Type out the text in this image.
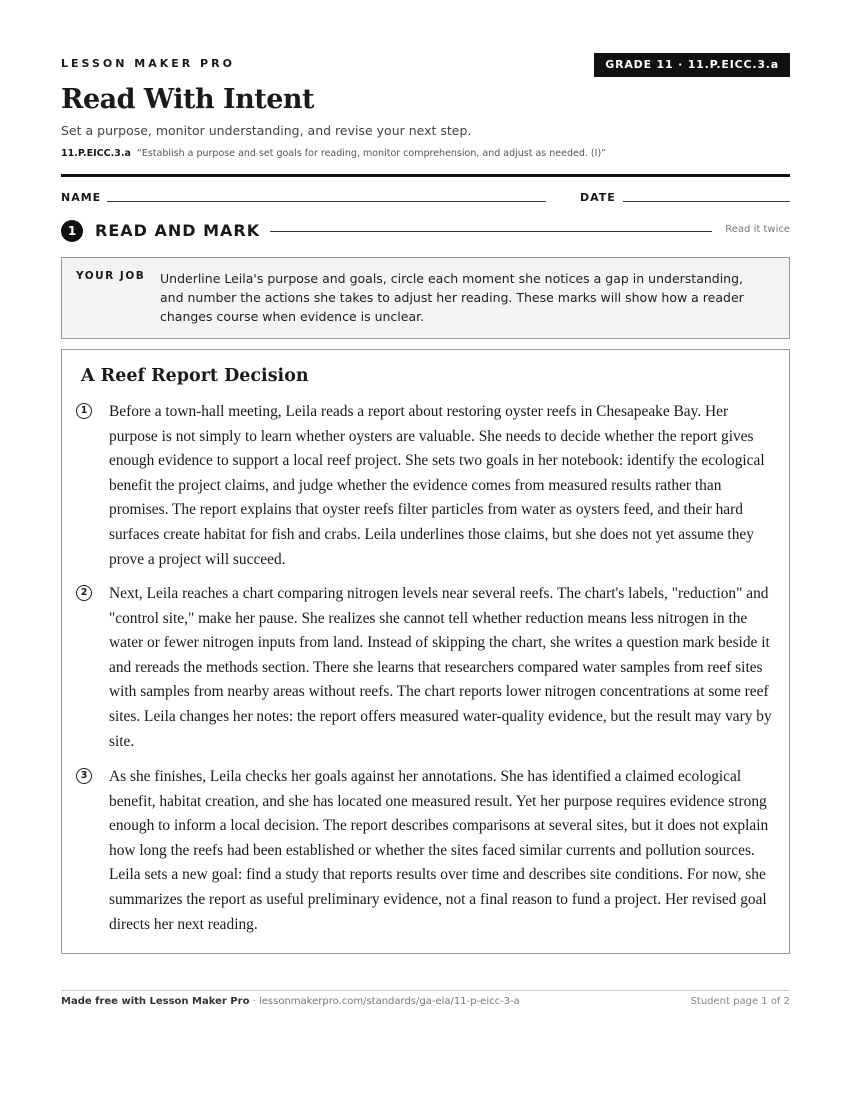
LESSON MAKER PRO	GRADE 11 · 11.P.EICC.3.a
Read With Intent
Set a purpose, monitor understanding, and revise your next step.
11.P.EICC.3.a “Establish a purpose and set goals for reading, monitor comprehension, and adjust as needed. (I)”
NAME	DATE
1	READ AND MARK	Read it twice
YOUR JOB Underline Leila's purpose and goals, circle each moment she notices a gap in understanding, and number the actions she takes to adjust her reading. These marks will show how a reader changes course when evidence is unclear.
A Reef Report Decision
1	Before a town-hall meeting, Leila reads a report about restoring oyster reefs in Chesapeake Bay. Her purpose is not simply to learn whether oysters are valuable. She needs to decide whether the report gives enough evidence to support a local reef project. She sets two goals in her notebook: identify the ecological benefit the project claims, and judge whether the evidence comes from measured results rather than promises. The report explains that oyster reefs filter particles from water as oysters feed, and their hard surfaces create habitat for fish and crabs. Leila underlines those claims, but she does not yet assume they prove a project will succeed.

2	Next, Leila reaches a chart comparing nitrogen levels near several reefs. The chart's labels, "reduction" and "control site," make her pause. She realizes she cannot tell whether reduction means less nitrogen in the water or fewer nitrogen inputs from land. Instead of skipping the chart, she writes a question mark beside it and rereads the methods section. There she learns that researchers compared water samples from reef sites with samples from nearby areas without reefs. The chart reports lower nitrogen concentrations at some reef sites. Leila changes her notes: the report offers measured water-quality evidence, but the result may vary by site.

3	As she finishes, Leila checks her goals against her annotations. She has identified a claimed ecological benefit, habitat creation, and she has located one measured result. Yet her purpose requires evidence strong enough to inform a local decision. The report describes comparisons at several sites, but it does not explain how long the reefs had been established or whether the sites faced similar currents and pollution sources. Leila sets a new goal: find a study that reports results over time and describes site conditions. For now, she summarizes the report as useful preliminary evidence, not a final reason to fund a project. Her revised goal directs her next reading.

Made free with Lesson Maker Pro · lessonmakerpro.com/standards/ga-ela/11-p-eicc-3-a	Student page 1 of 2
